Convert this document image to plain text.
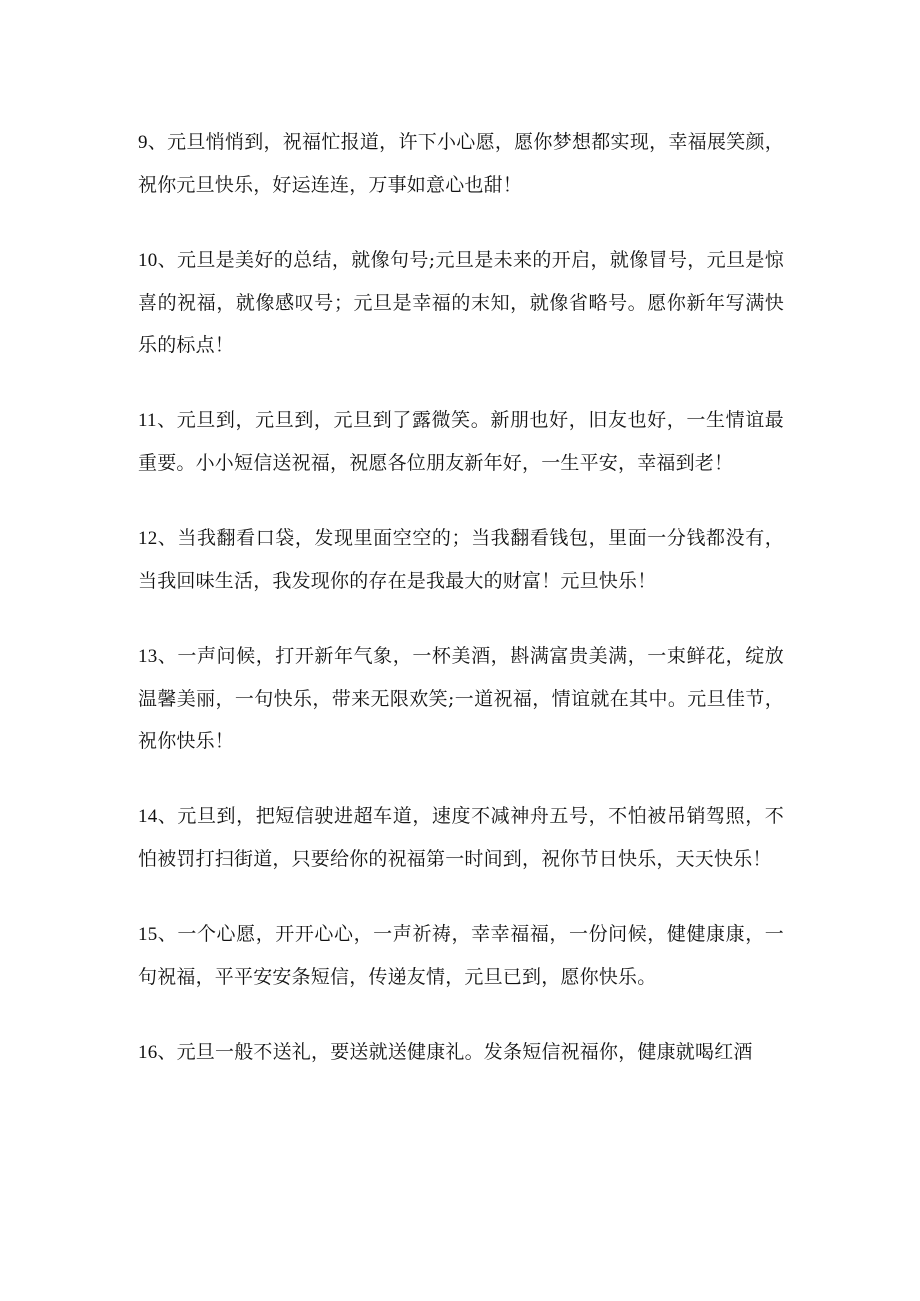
9、元旦悄悄到，祝福忙报道，许下小心愿，愿你梦想都实现，幸福展笑颜，祝你元旦快乐，好运连连，万事如意心也甜！

10、元旦是美好的总结，就像句号;元旦是未来的开启，就像冒号，元旦是惊喜的祝福，就像感叹号；元旦是幸福的末知，就像省略号。愿你新年写满快乐的标点！

11、元旦到，元旦到，元旦到了露微笑。新朋也好，旧友也好，一生情谊最重要。小小短信送祝福，祝愿各位朋友新年好，一生平安，幸福到老！

12、当我翻看口袋，发现里面空空的；当我翻看钱包，里面一分钱都没有，当我回味生活，我发现你的存在是我最大的财富！元旦快乐！

13、一声问候，打开新年气象，一杯美酒，斟满富贵美满，一束鲜花，绽放温馨美丽，一句快乐，带来无限欢笑;一道祝福，情谊就在其中。元旦佳节，祝你快乐！

14、元旦到，把短信驶进超车道，速度不减神舟五号，不怕被吊销驾照，不怕被罚打扫街道，只要给你的祝福第一时间到，祝你节日快乐，天天快乐！

15、一个心愿，开开心心，一声祈祷，幸幸福福，一份问候，健健康康，一句祝福，平平安安条短信，传递友情，元旦已到，愿你快乐。

16、元旦一般不送礼，要送就送健康礼。发条短信祝福你，健康就喝红酒
